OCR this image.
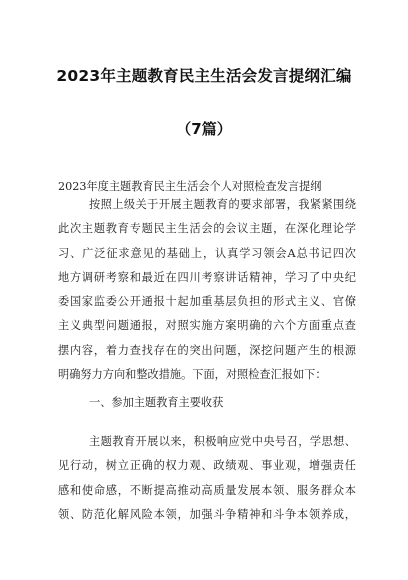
2023年主题教育民主生活会发言提纲汇编
（7篇）

2023年度主题教育民主生活会个人对照检查发言提纲

按照上级关于开展主题教育的要求部署，我紧紧围绕
此次主题教育专题民主生活会的会议主题，在深化理论学
习、广泛征求意见的基础上，认真学习领会A总书记四次
地方调研考察和最近在四川考察讲话精神，学习了中央纪
委国家监委公开通报十起加重基层负担的形式主义、官僚
主义典型问题通报，对照实施方案明确的六个方面重点查
摆内容，着力查找存在的突出问题，深挖问题产生的根源
明确努力方向和整改措施。下面，对照检查汇报如下：

一、参加主题教育主要收获

主题教育开展以来，积极响应党中央号召，学思想、
见行动，树立正确的权力观、政绩观、事业观，增强责任
感和使命感，不断提高推动高质量发展本领、服务群众本
领、防范化解风险本领，加强斗争精神和斗争本领养成，
